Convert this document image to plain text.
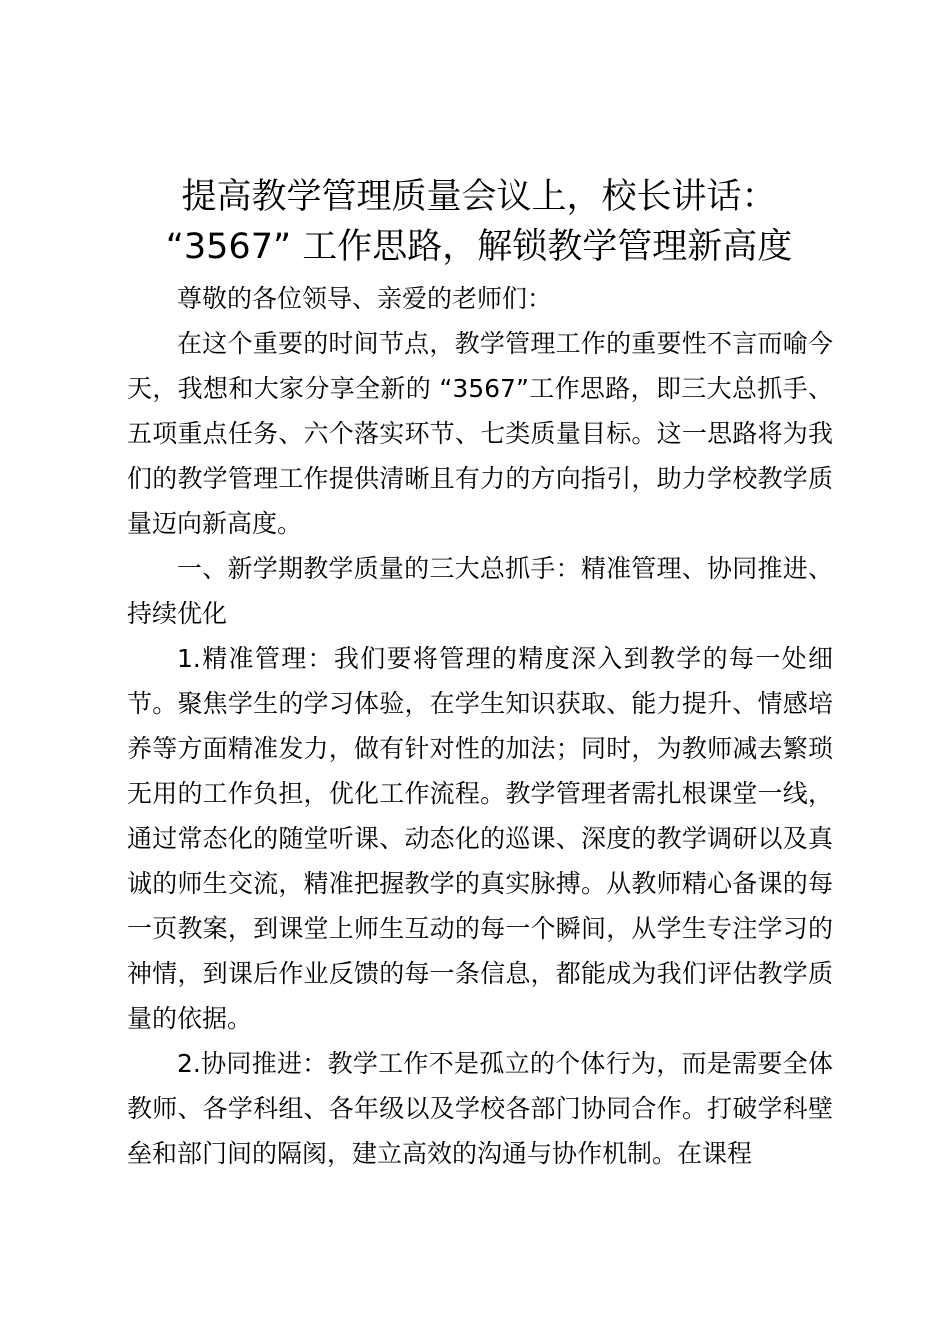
提高教学管理质量会议上，校长讲话：
“3567” 工作思路，解锁教学管理新高度

尊敬的各位领导、亲爱的老师们：

在这个重要的时间节点，教学管理工作的重要性不言而喻今天，我想和大家分享全新的 “3567”工作思路，即三大总抓手、五项重点任务、六个落实环节、七类质量目标。这一思路将为我们的教学管理工作提供清晰且有力的方向指引，助力学校教学质量迈向新高度。

一、新学期教学质量的三大总抓手：精准管理、协同推进、持续优化

1.精准管理：我们要将管理的精度深入到教学的每一处细节。聚焦学生的学习体验，在学生知识获取、能力提升、情感培养等方面精准发力，做有针对性的加法；同时，为教师减去繁琐无用的工作负担，优化工作流程。教学管理者需扎根课堂一线，通过常态化的随堂听课、动态化的巡课、深度的教学调研以及真诚的师生交流，精准把握教学的真实脉搏。从教师精心备课的每一页教案，到课堂上师生互动的每一个瞬间，从学生专注学习的神情，到课后作业反馈的每一条信息，都能成为我们评估教学质量的依据。

2.协同推进：教学工作不是孤立的个体行为，而是需要全体教师、各学科组、各年级以及学校各部门协同合作。打破学科壁垒和部门间的隔阂，建立高效的沟通与协作机制。在课程
